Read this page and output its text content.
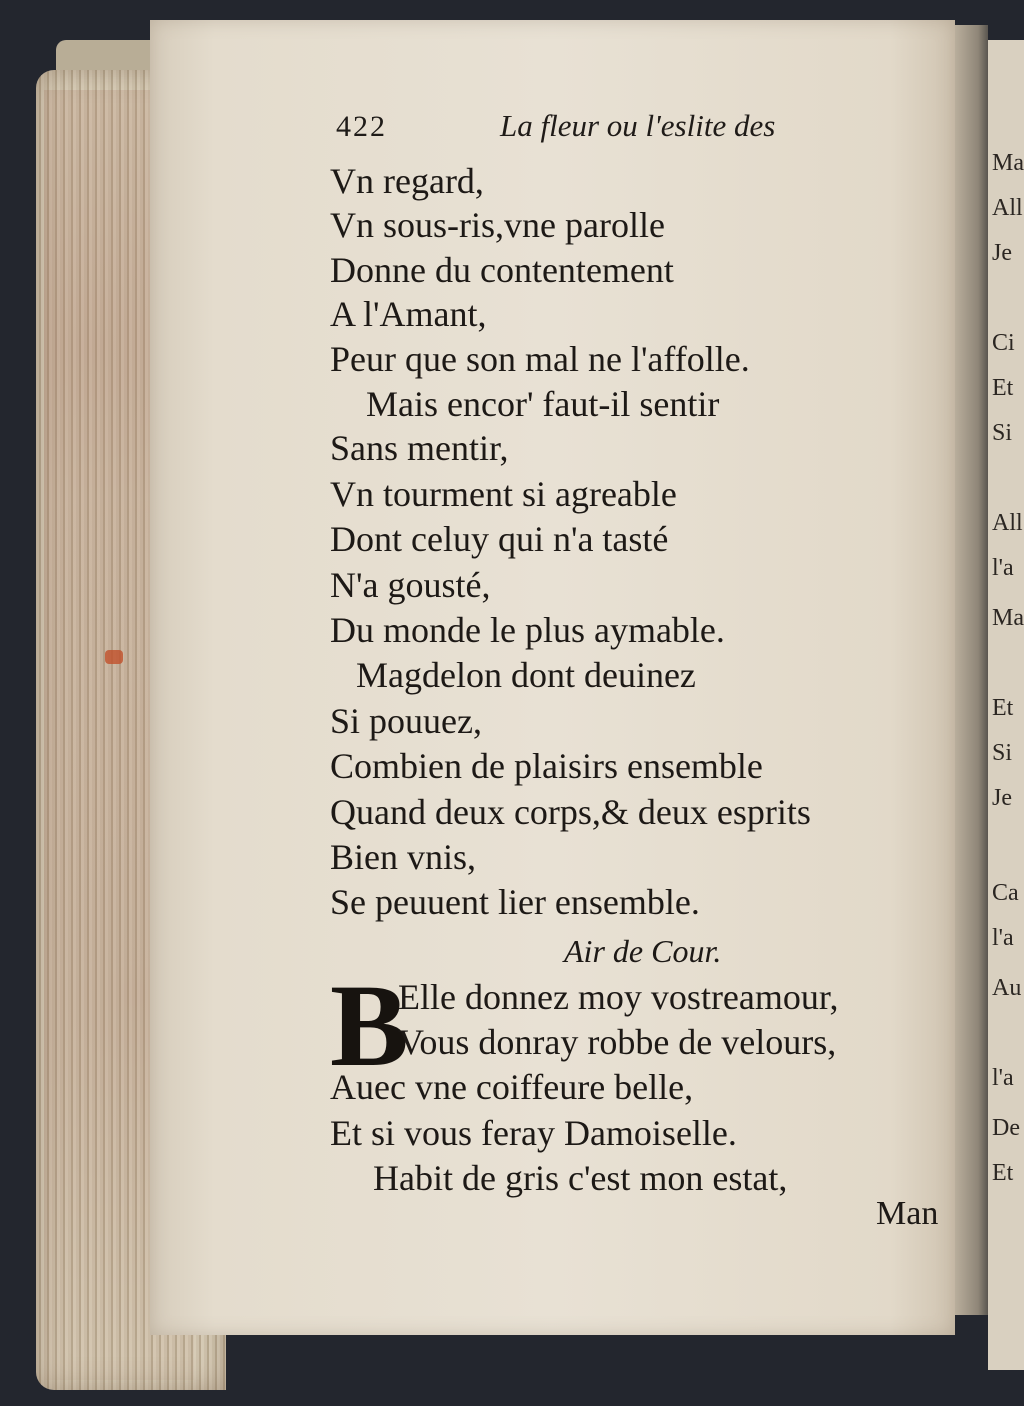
Ma
All
Je
Ci
Et
Si
All
l'a
Ma
Et
Si
Je
Ca
l'a
Au
l'a
De
Et
422	La fleur ou l'eslite des
Vn regard,
Vn sous-ris,vne parolle
Donne du contentement
A l'Amant,
Peur que son mal ne l'affolle.
Mais encor' faut-il sentir
Sans mentir,
Vn tourment si agreable
Dont celuy qui n'a tasté
N'a gousté,
Du monde le plus aymable.
Magdelon dont deuinez
Si pouuez,
Combien de plaisirs ensemble
Quand deux corps,& deux esprits
Bien vnis,
Se peuuent lier ensemble.
Air de Cour.
B
Elle donnez moy vostreamour,
Vous donray robbe de velours,
Auec vne coiffeure belle,
Et si vous feray Damoiselle.
Habit de gris c'est mon estat,
Man
